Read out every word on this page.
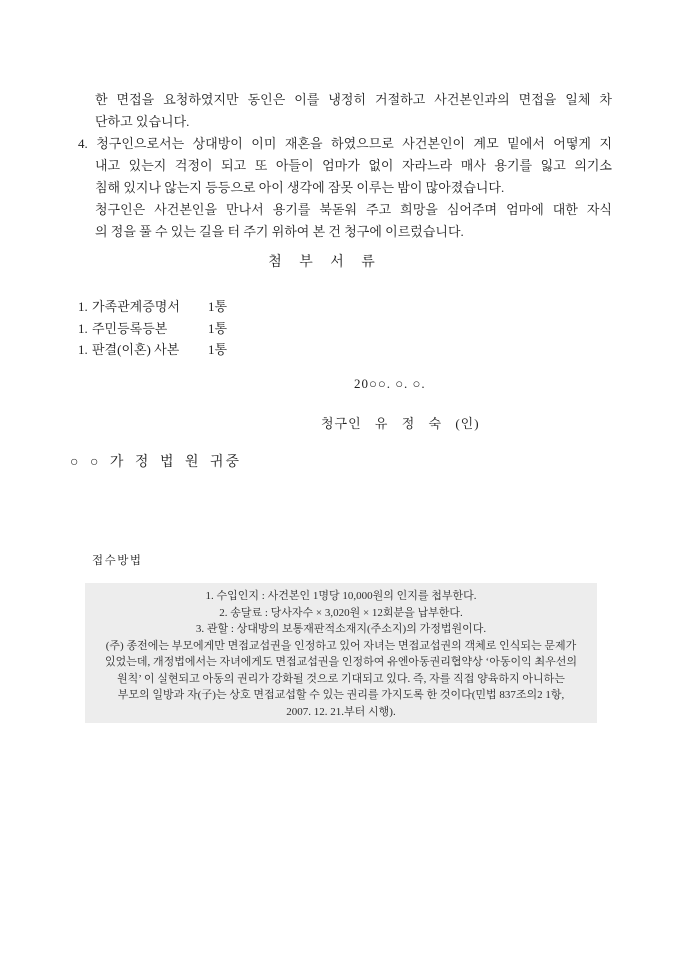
한 면접을 요청하였지만 동인은 이를 냉정히 거절하고 사건본인과의 면접을 일체 차
단하고 있습니다.
4. 청구인으로서는 상대방이 이미 재혼을 하였으므로 사건본인이 계모 밑에서 어떻게 지
내고 있는지 걱정이 되고 또 아들이 엄마가 없이 자라느라 매사 용기를 잃고 의기소
침해 있지나 않는지 등등으로 아이 생각에 잠못 이루는 밤이 많아졌습니다.
청구인은 사건본인을 만나서 용기를 북돋워 주고 희망을 심어주며 엄마에 대한 자식
의 정을 풀 수 있는 길을 터 주기 위하여 본 건 청구에 이르렀습니다.
첨 부 서 류
1. 가족관계증명서	1통
1. 주민등록등본	1통
1. 판결(이혼) 사본	1통
20○○. ○. ○.
청구인 유 정 숙 (인)
○ ○ 가 정 법 원 귀중
접수방법
1. 수입인지 : 사건본인 1명당 10,000원의 인지를 첩부한다.
2. 송달료 : 당사자수 × 3,020원 × 12회분을 납부한다.
3. 관할 : 상대방의 보통재판적소재지(주소지)의 가정법원이다.
(주) 종전에는 부모에게만 면접교섭권을 인정하고 있어 자녀는 면접교섭권의 객체로 인식되는 문제가
있었는데, 개정법에서는 자녀에게도 면접교섭권을 인정하여 유엔아동권리협약상 ‘아동이익 최우선의
원칙’ 이 실현되고 아동의 권리가 강화될 것으로 기대되고 있다. 즉, 자를 직접 양육하지 아니하는
부모의 일방과 자(子)는 상호 면접교섭할 수 있는 권리를 가지도록 한 것이다(민법 837조의2 1항,
2007. 12. 21.부터 시행).
